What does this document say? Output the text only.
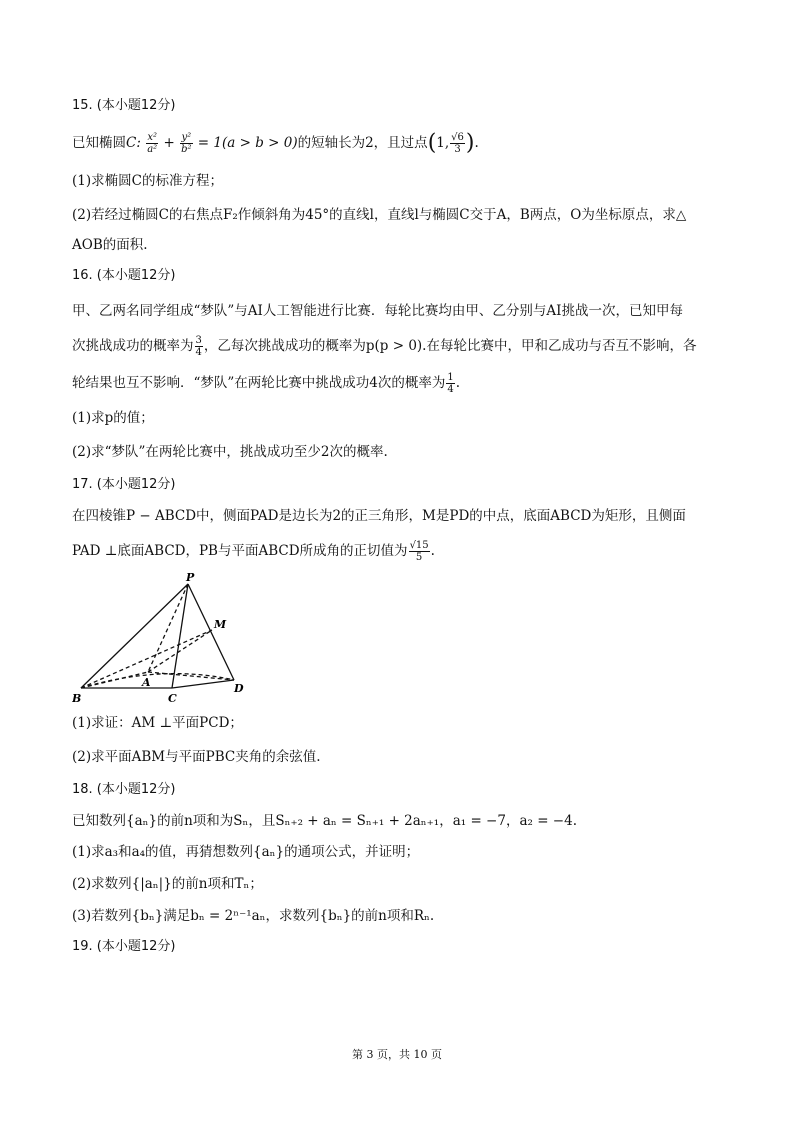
15. (本小题12分)
已知椭圆C: $\frac{\text{x²}}{\text{a²}} + \frac{\text{y²}}{\text{b²}} = 1(a > b > 0)$的短轴长为2，且过点(1, $\frac{√6}{3}$ ).
(1)求椭圆C的标准方程；
(2)若经过椭圆C的右焦点F₂作倾斜角为45°的直线l，直线l与椭圆C交于A，B两点，O为坐标原点，求△
AOB的面积.
16. (本小题12分)
甲、乙两名同学组成“梦队”与AI人工智能进行比赛．每轮比赛均由甲、乙分别与AI挑战一次，已知甲每
次挑战成功的概率为 $\frac{3}{4}$ ，乙每次挑战成功的概率为p(p > 0).在每轮比赛中，甲和乙成功与否互不影响，各
轮结果也互不影响．“梦队”在两轮比赛中挑战成功4次的概率为 $\frac{1}{4}$ .
(1)求p的值；
(2)求“梦队”在两轮比赛中，挑战成功至少2次的概率.
17. (本小题12分)
在四棱锥P − ABCD中，侧面PAD是边长为2的正三角形，M是PD的中点，底面ABCD为矩形，且侧面
PAD ⊥底面ABCD，PB与平面ABCD所成角的正切值为 $\frac{√15}{5}$ .
P
M
A
B	C
D
(1)求证：AM ⊥平面PCD；
(2)求平面ABM与平面PBC夹角的余弦值.
18. (本小题12分)
已知数列{aₙ}的前n项和为Sₙ，且Sₙ₊₂ + aₙ = Sₙ₊₁ + 2aₙ₊₁，a₁ = −7，a₂ = −4.
(1)求a₃和a₄的值，再猜想数列{aₙ}的通项公式，并证明；
(2)求数列{|aₙ|}的前n项和Tₙ；
(3)若数列{bₙ}满足bₙ = 2ⁿ⁻¹aₙ，求数列{bₙ}的前n项和Rₙ.
19. (本小题12分)
第 3 页，共 10 页
